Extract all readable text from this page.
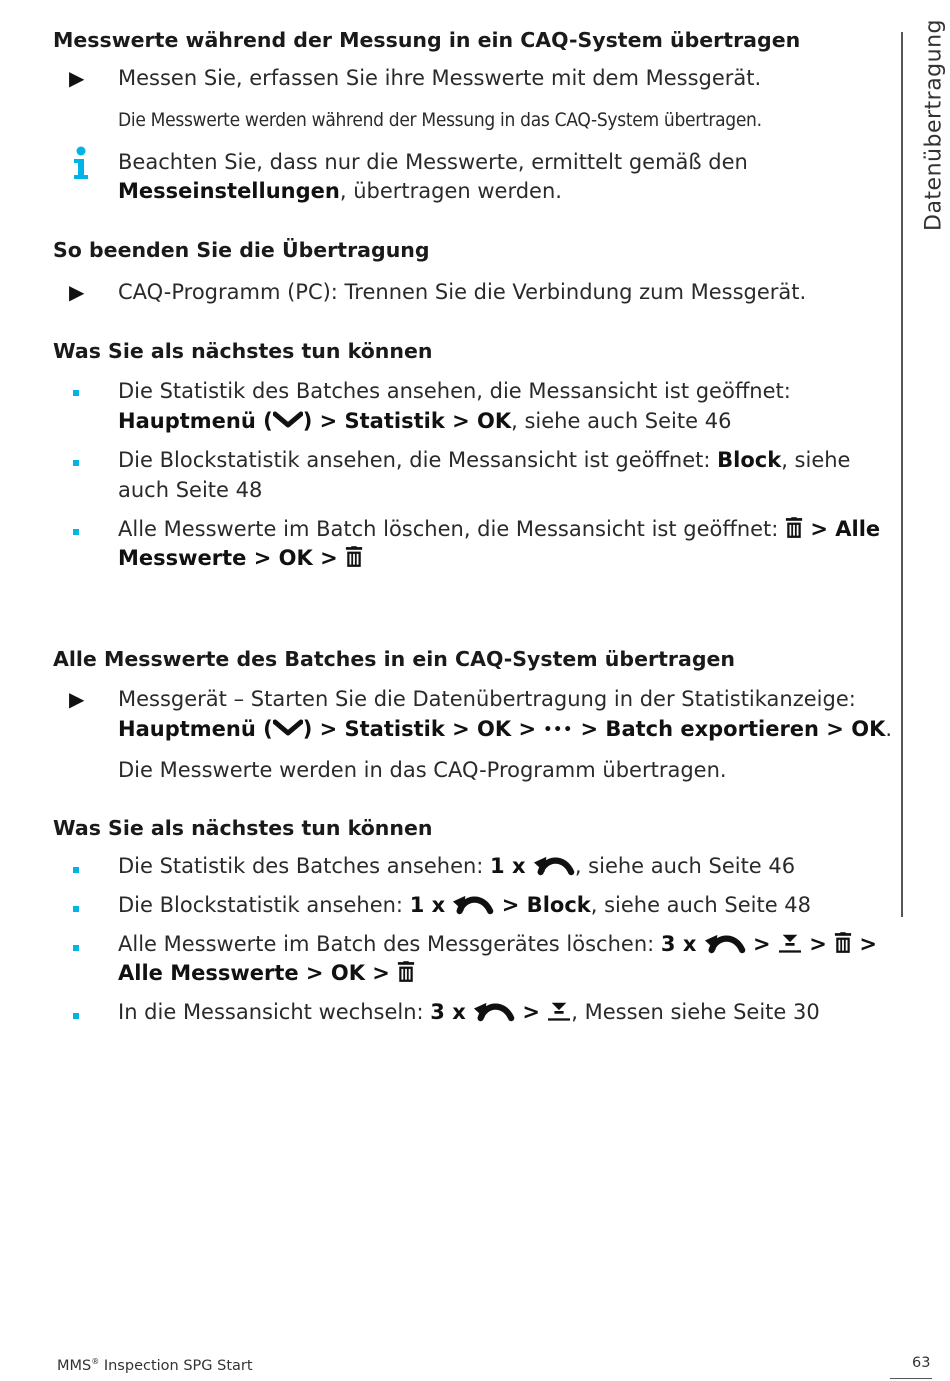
Datenübertragung
Messwerte während der Messung in ein CAQ-System übertragen
▶ Messen Sie, erfassen Sie ihre Messwerte mit dem Messgerät.
Die Messwerte werden während der Messung in das CAQ-System übertragen.
Beachten Sie, dass nur die Messwerte, ermittelt gemäß den
Messeinstellungen, übertragen werden.
So beenden Sie die Übertragung
▶ CAQ-Programm (PC): Trennen Sie die Verbindung zum Messgerät.
Was Sie als nächstes tun können
Die Statistik des Batches ansehen, die Messansicht ist geöffnet:
Hauptmenü ( ) > Statistik > OK, siehe auch Seite 46
Die Blockstatistik ansehen, die Messansicht ist geöffnet: Block, siehe
auch Seite 48
Alle Messwerte im Batch löschen, die Messansicht ist geöffnet:  > Alle
Messwerte > OK >
Alle Messwerte des Batches in ein CAQ-System übertragen
▶ Messgerät – Starten Sie die Datenübertragung in der Statistikanzeige:
Hauptmenü ( ) > Statistik > OK > ••• > Batch exportieren > OK.
Die Messwerte werden in das CAQ-Programm übertragen.
Was Sie als nächstes tun können
Die Statistik des Batches ansehen: 1 x , siehe auch Seite 46
Die Blockstatistik ansehen: 1 x  > Block, siehe auch Seite 48
Alle Messwerte im Batch des Messgerätes löschen: 3 x  >  >  >
Alle Messwerte > OK >
In die Messansicht wechseln: 3 x  > , Messen siehe Seite 30
MMS® Inspection SPG Start	63
